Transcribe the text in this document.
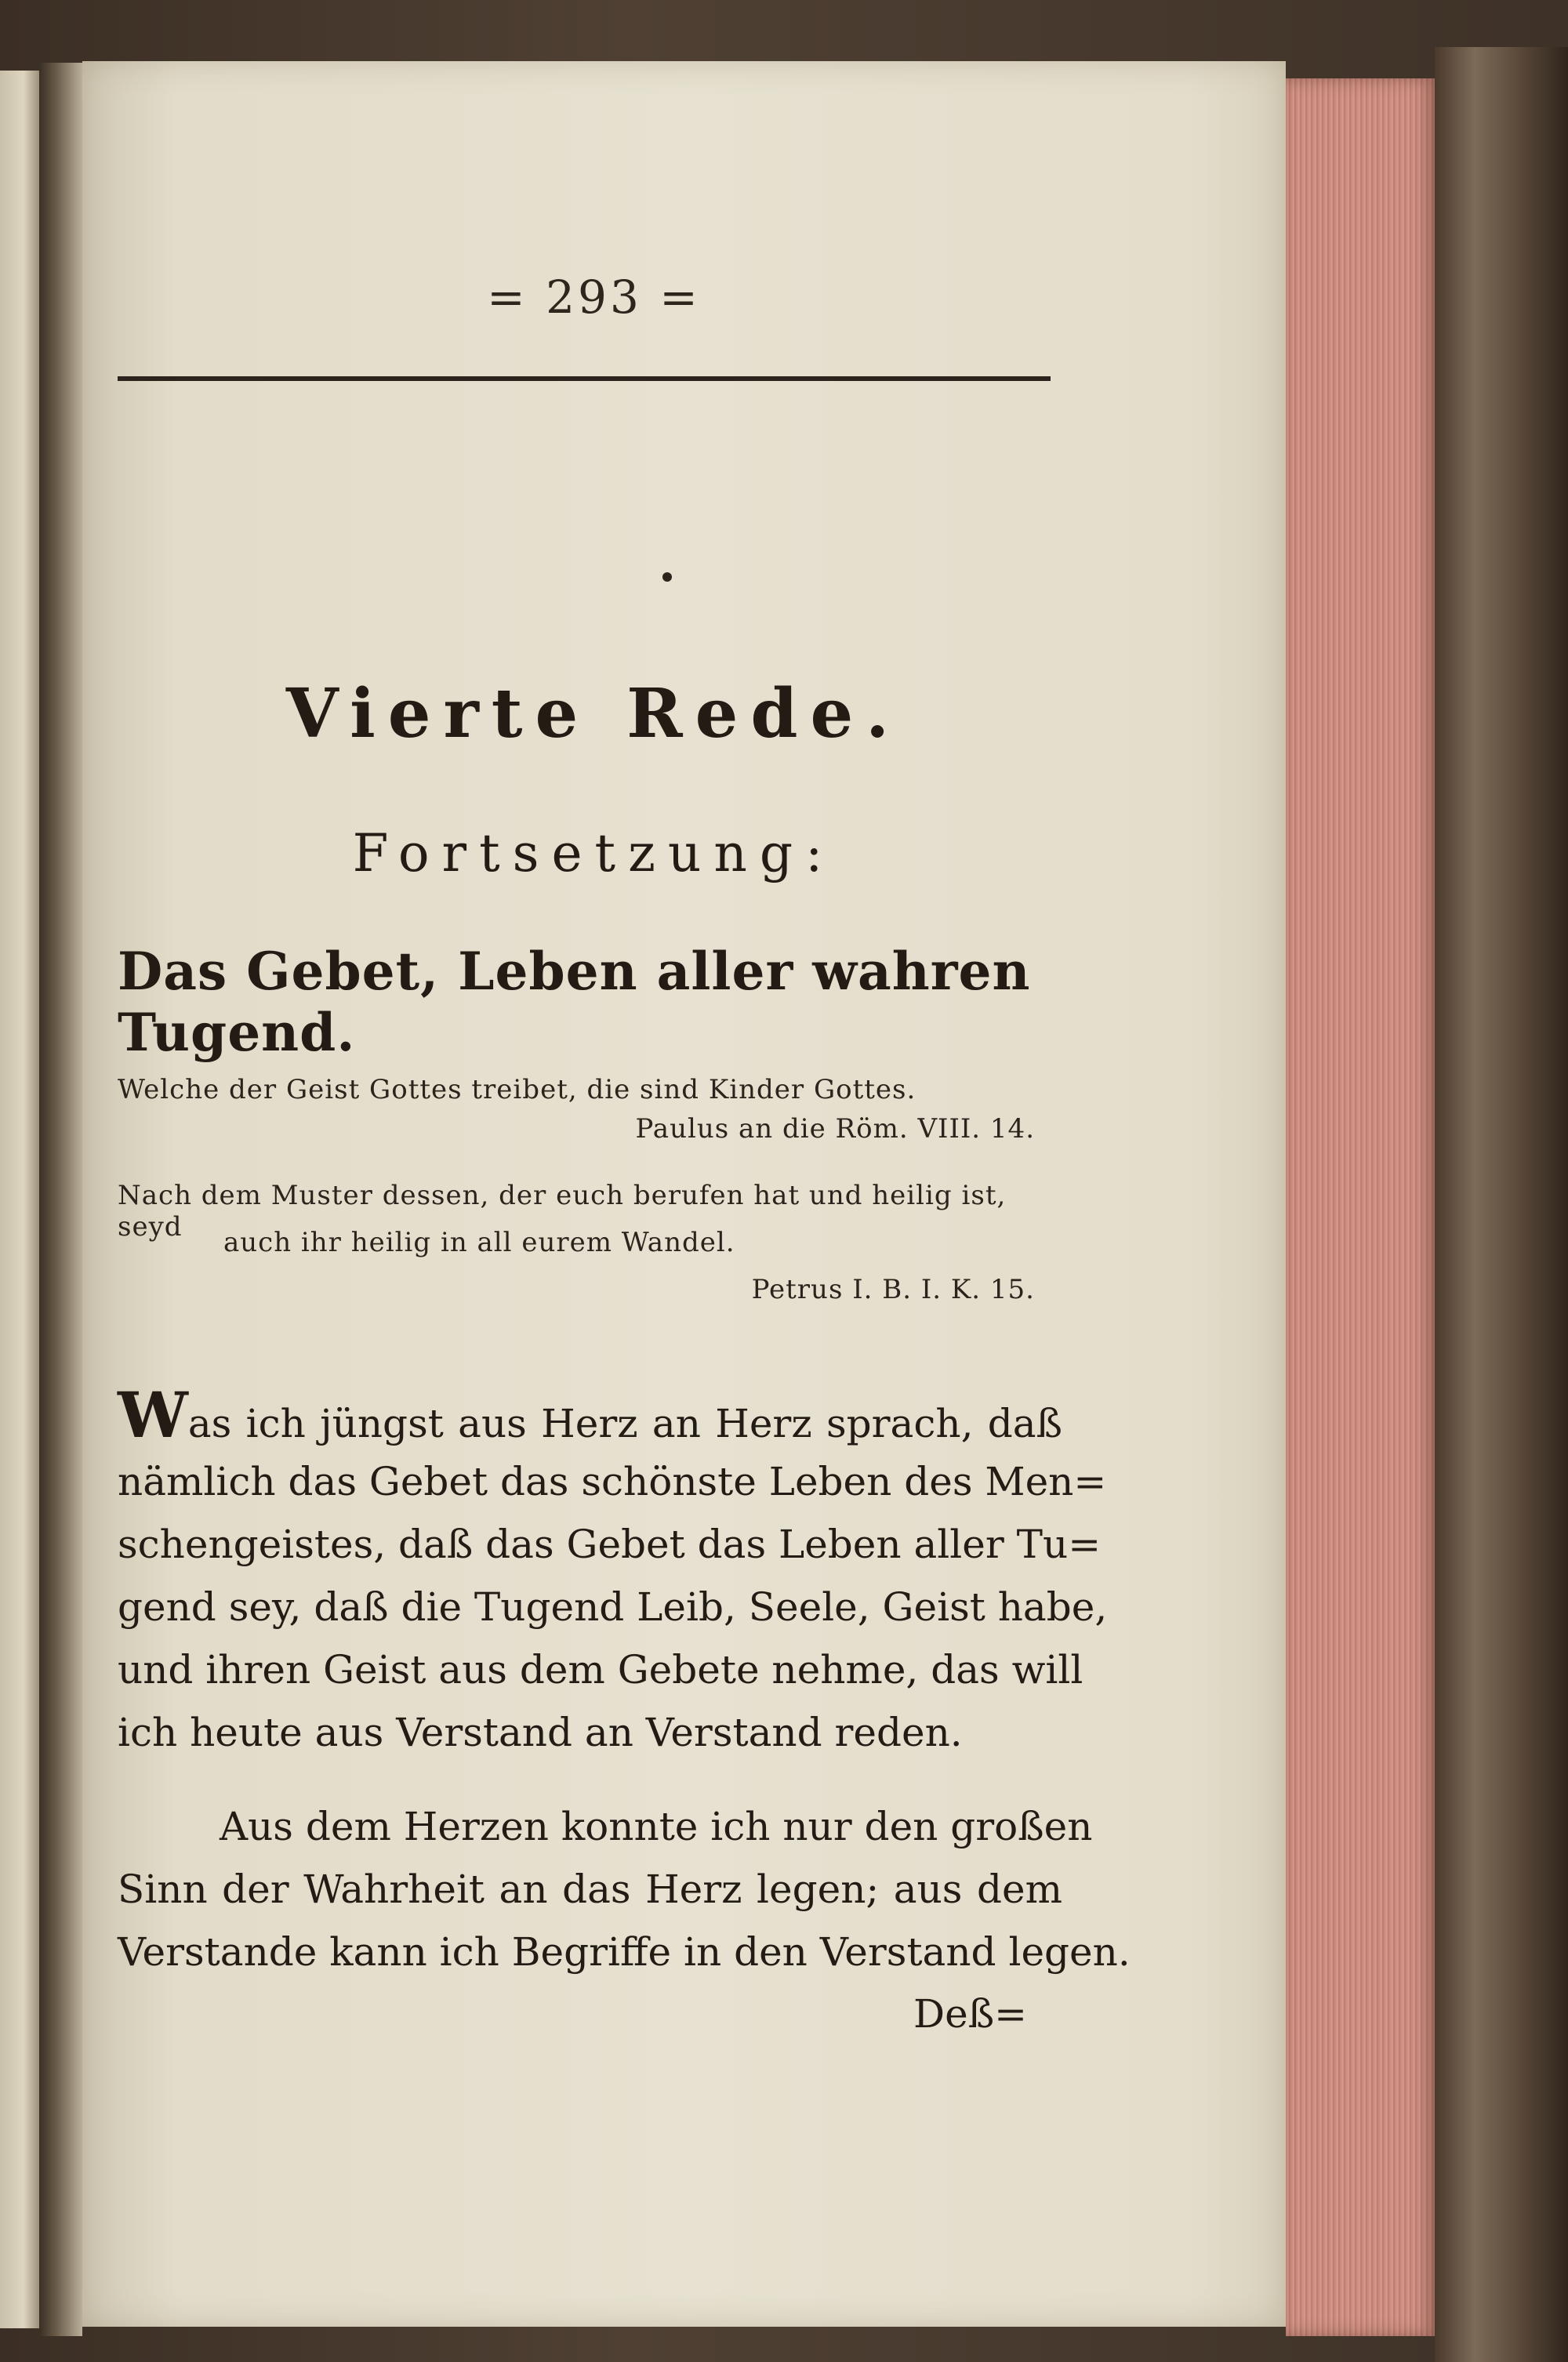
= 293 =
Vierte Rede.
Fortsetzung:
Das Gebet, Leben aller wahren Tugend.
Welche der Geist Gottes treibet, die sind Kinder Gottes.
Paulus an die Röm. VIII. 14.
Nach dem Muster dessen, der euch berufen hat und heilig ist, seyd	auch ihr heilig in all eurem Wandel.
Petrus I. B. I. K. 15.
Was ich jüngst aus Herz an Herz sprach, daß
nämlich das Gebet das schönste Leben des Men=
schengeistes, daß das Gebet das Leben aller Tu=
gend sey, daß die Tugend Leib, Seele, Geist habe,
und ihren Geist aus dem Gebete nehme, das will
ich heute aus Verstand an Verstand reden.
Aus dem Herzen konnte ich nur den großen
Sinn der Wahrheit an das Herz legen; aus dem
Verstande kann ich Begriffe in den Verstand legen.
Deß=
